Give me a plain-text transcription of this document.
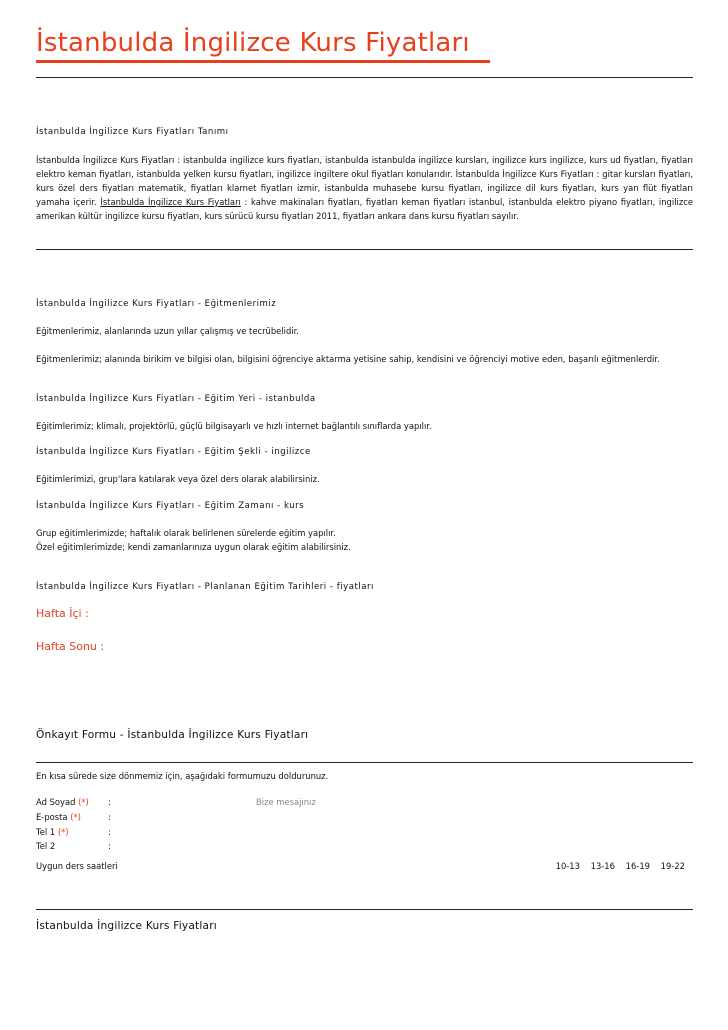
İstanbulda İngilizce Kurs Fiyatları
İstanbulda İngilizce Kurs Fiyatları Tanımı
İstanbulda İngilizce Kurs Fiyatları : istanbulda ingilizce kurs fiyatları, istanbulda istanbulda ingilizce kursları, ingilizce kurs ingilizce, kurs ud fiyatları, fiyatları elektro keman fiyatları, istanbulda yelken kursu fiyatları, ingilizce ingiltere okul fiyatları konularıdır. İstanbulda İngilizce Kurs Fiyatları : gitar kursları fiyatları, kurs özel ders fiyatları matematik, fiyatları klarnet fiyatları izmir, istanbulda muhasebe kursu fiyatları, ingilizce dil kurs fiyatları, kurs yan flüt fiyatları yamaha içerir. İstanbulda İngilizce Kurs Fiyatları : kahve makinaları fiyatları, fiyatları keman fiyatları istanbul, istanbulda elektro piyano fiyatları, ingilizce amerikan kültür ingilizce kursu fiyatları, kurs sürücü kursu fiyatları 2011, fiyatları ankara dans kursu fiyatları sayılır.
İstanbulda İngilizce Kurs Fiyatları - Eğitmenlerimiz
Eğitmenlerimiz, alanlarında uzun yıllar çalışmış ve tecrübelidir.
Eğitmenlerimiz; alanında birikim ve bilgisi olan, bilgisini öğrenciye aktarma yetisine sahip, kendisini ve öğrenciyi motive eden, başarılı eğitmenlerdir.
İstanbulda İngilizce Kurs Fiyatları - Eğitim Yeri - istanbulda
Eğitimlerimiz; klimalı, projektörlü, güçlü bilgisayarlı ve hızlı internet bağlantılı sınıflarda yapılır.
İstanbulda İngilizce Kurs Fiyatları - Eğitim Şekli - ingilizce
Eğitimlerimizi, grup'lara katılarak veya özel ders olarak alabilirsiniz.
İstanbulda İngilizce Kurs Fiyatları - Eğitim Zamanı - kurs
Grup eğitimlerimizde; haftalık olarak belirlenen sürelerde eğitim yapılır.
Özel eğitimlerimizde; kendi zamanlarınıza uygun olarak eğitim alabilirsiniz.
İstanbulda İngilizce Kurs Fiyatları - Planlanan Eğitim Tarihleri - fiyatları
Hafta İçi :
Hafta Sonu :
Önkayıt Formu - İstanbulda İngilizce Kurs Fiyatları
En kısa sürede size dönmemiz için, aşağıdaki formumuzu doldurunuz.
Ad Soyad (*) :	Bize mesajınız
E-posta (*)	:
Tel 1 (*)	:
Tel 2	:
Uygun ders saatleri	10-13 13-16 16-19 19-22
İstanbulda İngilizce Kurs Fiyatları
